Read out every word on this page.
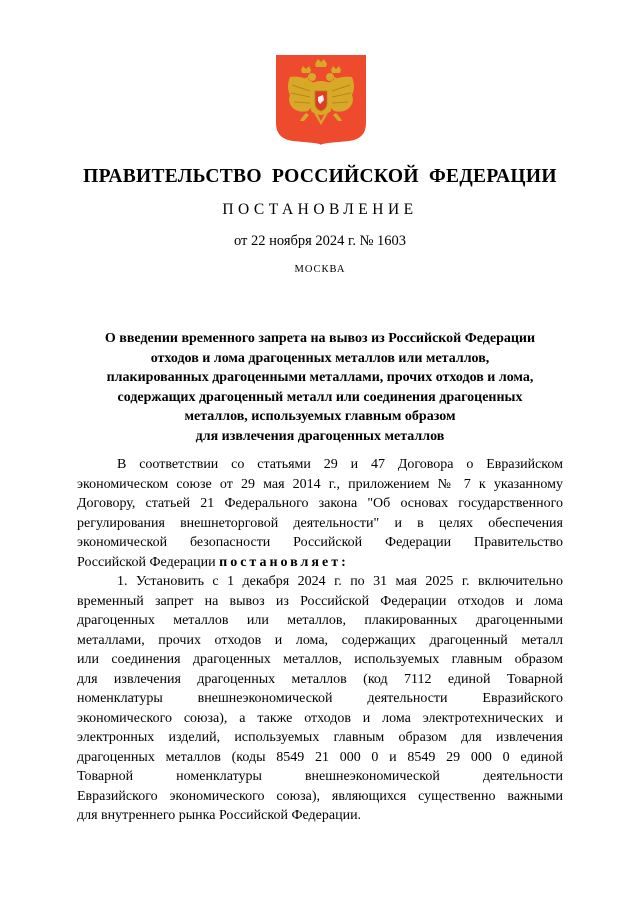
ПРАВИТЕЛЬСТВО РОССИЙСКОЙ ФЕДЕРАЦИИ
ПОСТАНОВЛЕНИЕ
от 22 ноября 2024 г. № 1603
МОСКВА
О введении временного запрета на вывоз из Российской Федерации
отходов и лома драгоценных металлов или металлов,
плакированных драгоценными металлами, прочих отходов и лома,
содержащих драгоценный металл или соединения драгоценных
металлов, используемых главным образом
для извлечения драгоценных металлов
В соответствии со статьями 29 и 47 Договора о Евразийском
экономическом союзе от 29 мая 2014 г., приложением № 7 к указанному
Договору, статьей 21 Федерального закона "Об основах государственного
регулирования внешнеторговой деятельности" и в целях обеспечения
экономической безопасности Российской Федерации Правительство
Российской Федерации постановляет:
1. Установить с 1 декабря 2024 г. по 31 мая 2025 г. включительно
временный запрет на вывоз из Российской Федерации отходов и лома
драгоценных металлов или металлов, плакированных драгоценными
металлами, прочих отходов и лома, содержащих драгоценный металл
или соединения драгоценных металлов, используемых главным образом
для извлечения драгоценных металлов (код 7112 единой Товарной
номенклатуры внешнеэкономической деятельности Евразийского
экономического союза), а также отходов и лома электротехнических и
электронных изделий, используемых главным образом для извлечения
драгоценных металлов (коды 8549 21 000 0 и 8549 29 000 0 единой
Товарной номенклатуры внешнеэкономической деятельности
Евразийского экономического союза), являющихся существенно важными
для внутреннего рынка Российской Федерации.
